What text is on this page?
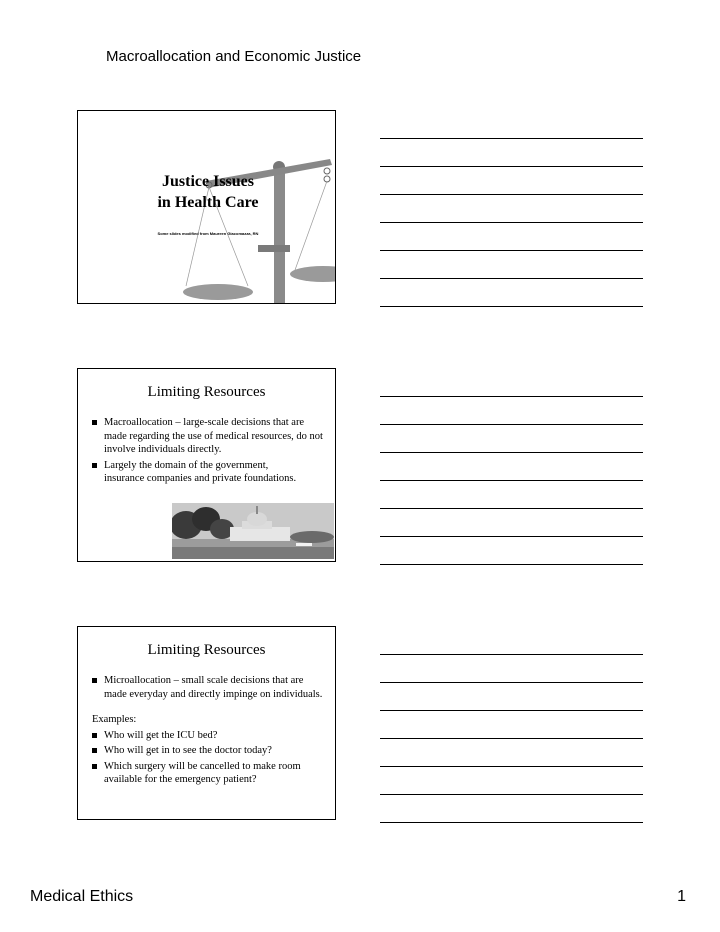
Macroallocation and Economic Justice
Justice Issues
in Health Care
Some slides modified from Maureen Giacomazza, RN
Limiting Resources
Macroallocation – large-scale decisions that are made regarding the use of medical resources, do not involve individuals directly.
Largely the domain of the government, insurance companies and private foundations.
Limiting Resources
Microallocation – small scale decisions that are made everyday and directly impinge on individuals.
Examples:
Who will get the ICU bed?
Who will get in to see the doctor today?
Which surgery will be cancelled to make room available for the emergency patient?
Medical Ethics	1
